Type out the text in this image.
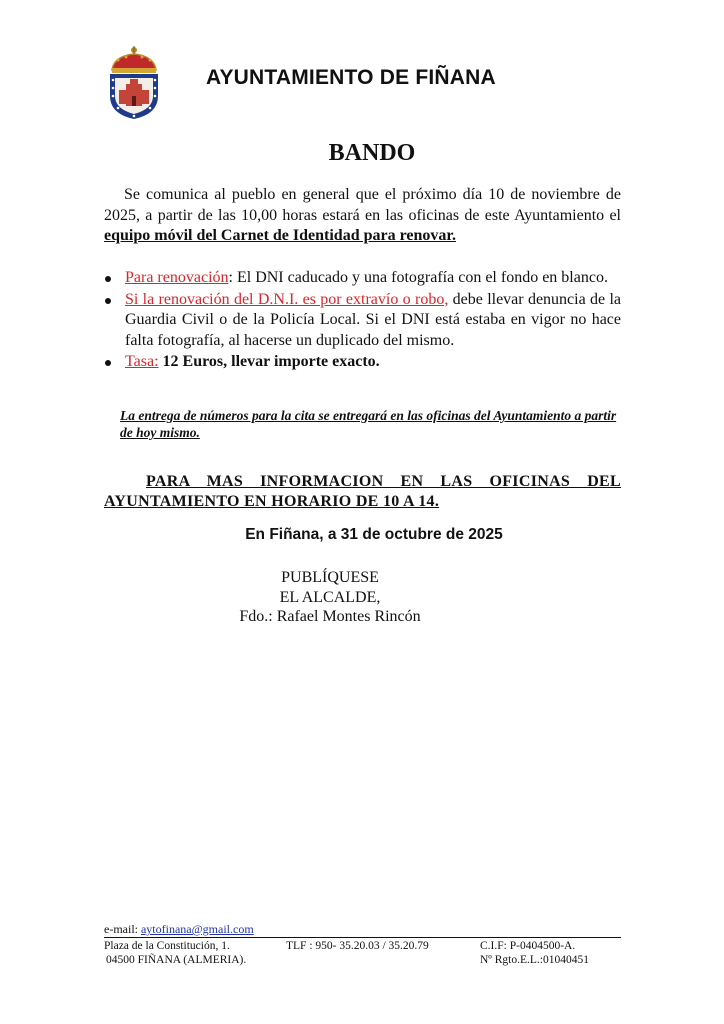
AYUNTAMIENTO DE FIÑANA
BANDO
Se comunica al pueblo en general que el próximo día 10 de noviembre de 2025, a partir de las 10,00 horas estará en las oficinas de este Ayuntamiento el equipo móvil del Carnet de Identidad para renovar.
Para renovación: El DNI caducado y una fotografía con el fondo en blanco.
Si la renovación del D.N.I. es por extravío o robo, debe llevar denuncia de la Guardia Civil o de la Policía Local. Si el DNI está estaba en vigor no hace falta fotografía, al hacerse un duplicado del mismo.
Tasa: 12 Euros, llevar importe exacto.
La entrega de números para la cita se entregará en las oficinas del Ayuntamiento a partir de hoy mismo.
PARA MAS INFORMACION EN LAS OFICINAS DEL AYUNTAMIENTO EN HORARIO DE 10 A 14.
En Fiñana, a 31 de octubre de 2025
PUBLÍQUESE
EL ALCALDE,
Fdo.: Rafael Montes Rincón
e-mail: aytofinana@gmail.com
Plaza de la Constitución, 1.
04500 FIÑANA (ALMERIA).
TLF : 950- 35.20.03 / 35.20.79	C.I.F: P-0404500-A.
Nº Rgto.E.L.:01040451
